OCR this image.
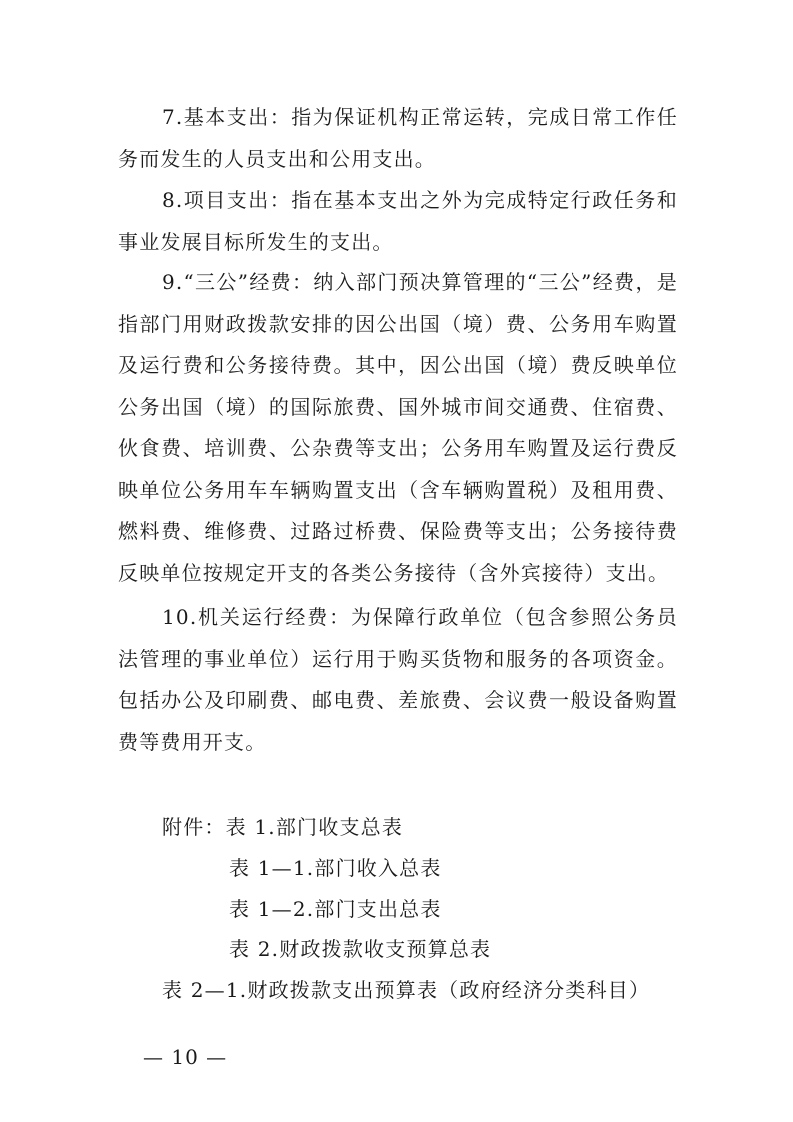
7.基本支出：指为保证机构正常运转，完成日常工作任务而发生的人员支出和公用支出。

8.项目支出：指在基本支出之外为完成特定行政任务和事业发展目标所发生的支出。

9.“三公”经费：纳入部门预决算管理的“三公”经费，是指部门用财政拨款安排的因公出国（境）费、公务用车购置及运行费和公务接待费。其中，因公出国（境）费反映单位公务出国（境）的国际旅费、国外城市间交通费、住宿费、伙食费、培训费、公杂费等支出；公务用车购置及运行费反映单位公务用车车辆购置支出（含车辆购置税）及租用费、燃料费、维修费、过路过桥费、保险费等支出；公务接待费反映单位按规定开支的各类公务接待（含外宾接待）支出。

10.机关运行经费：为保障行政单位（包含参照公务员法管理的事业单位）运行用于购买货物和服务的各项资金。包括办公及印刷费、邮电费、差旅费、会议费一般设备购置费等费用开支。

附件：表 1.部门收支总表
表 1—1.部门收入总表
表 1—2.部门支出总表
表 2.财政拨款收支预算总表
表 2—1.财政拨款支出预算表（政府经济分类科目）
— 10 —
